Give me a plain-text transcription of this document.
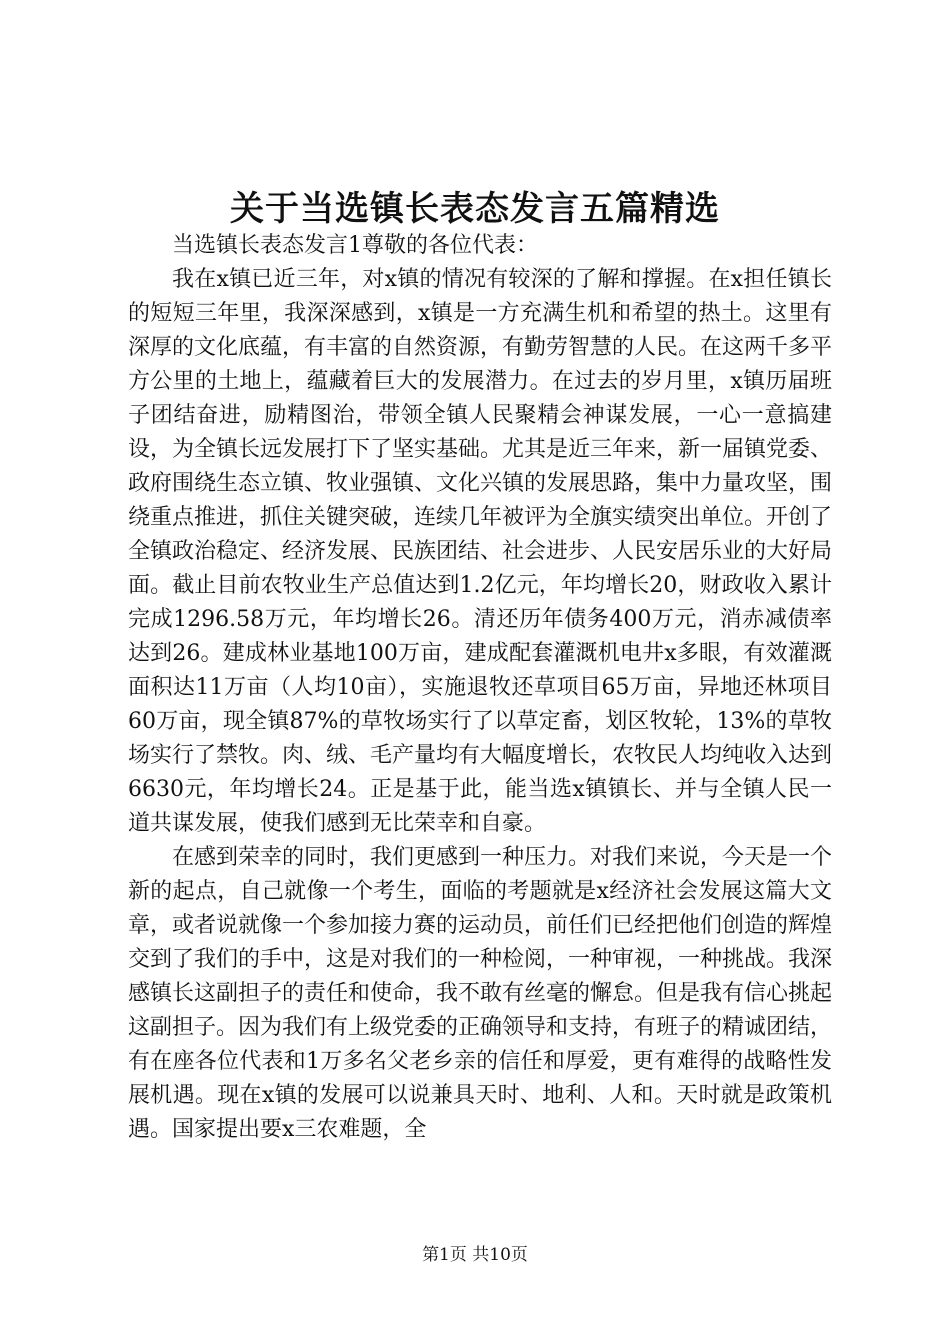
关于当选镇长表态发言五篇精选

当选镇长表态发言1尊敬的各位代表：

我在x镇已近三年，对x镇的情况有较深的了解和撑握。在x担任镇长的短短三年里，我深深感到，x镇是一方充满生机和希望的热土。这里有深厚的文化底蕴，有丰富的自然资源，有勤劳智慧的人民。在这两千多平方公里的土地上，蕴藏着巨大的发展潜力。在过去的岁月里，x镇历届班子团结奋进，励精图治，带领全镇人民聚精会神谋发展，一心一意搞建设，为全镇长远发展打下了坚实基础。尤其是近三年来，新一届镇党委、政府围绕生态立镇、牧业强镇、文化兴镇的发展思路，集中力量攻坚，围绕重点推进，抓住关键突破，连续几年被评为全旗实绩突出单位。开创了全镇政治稳定、经济发展、民族团结、社会进步、人民安居乐业的大好局面。截止目前农牧业生产总值达到1.2亿元，年均增长20，财政收入累计完成1296.58万元，年均增长26。清还历年债务400万元，消赤减债率达到26。建成林业基地100万亩，建成配套灌溉机电井x多眼，有效灌溉面积达11万亩（人均10亩），实施退牧还草项目65万亩，异地还林项目60万亩，现全镇87%的草牧场实行了以草定畜，划区牧轮，13%的草牧场实行了禁牧。肉、绒、毛产量均有大幅度增长，农牧民人均纯收入达到6630元，年均增长24。正是基于此，能当选x镇镇长、并与全镇人民一道共谋发展，使我们感到无比荣幸和自豪。

在感到荣幸的同时，我们更感到一种压力。对我们来说，今天是一个新的起点，自己就像一个考生，面临的考题就是x经济社会发展这篇大文章，或者说就像一个参加接力赛的运动员，前任们已经把他们创造的辉煌交到了我们的手中，这是对我们的一种检阅，一种审视，一种挑战。我深感镇长这副担子的责任和使命，我不敢有丝毫的懈怠。但是我有信心挑起这副担子。因为我们有上级党委的正确领导和支持，有班子的精诚团结，有在座各位代表和1万多名父老乡亲的信任和厚爱，更有难得的战略性发展机遇。现在x镇的发展可以说兼具天时、地利、人和。天时就是政策机遇。国家提出要x三农难题，全

第1页 共10页
